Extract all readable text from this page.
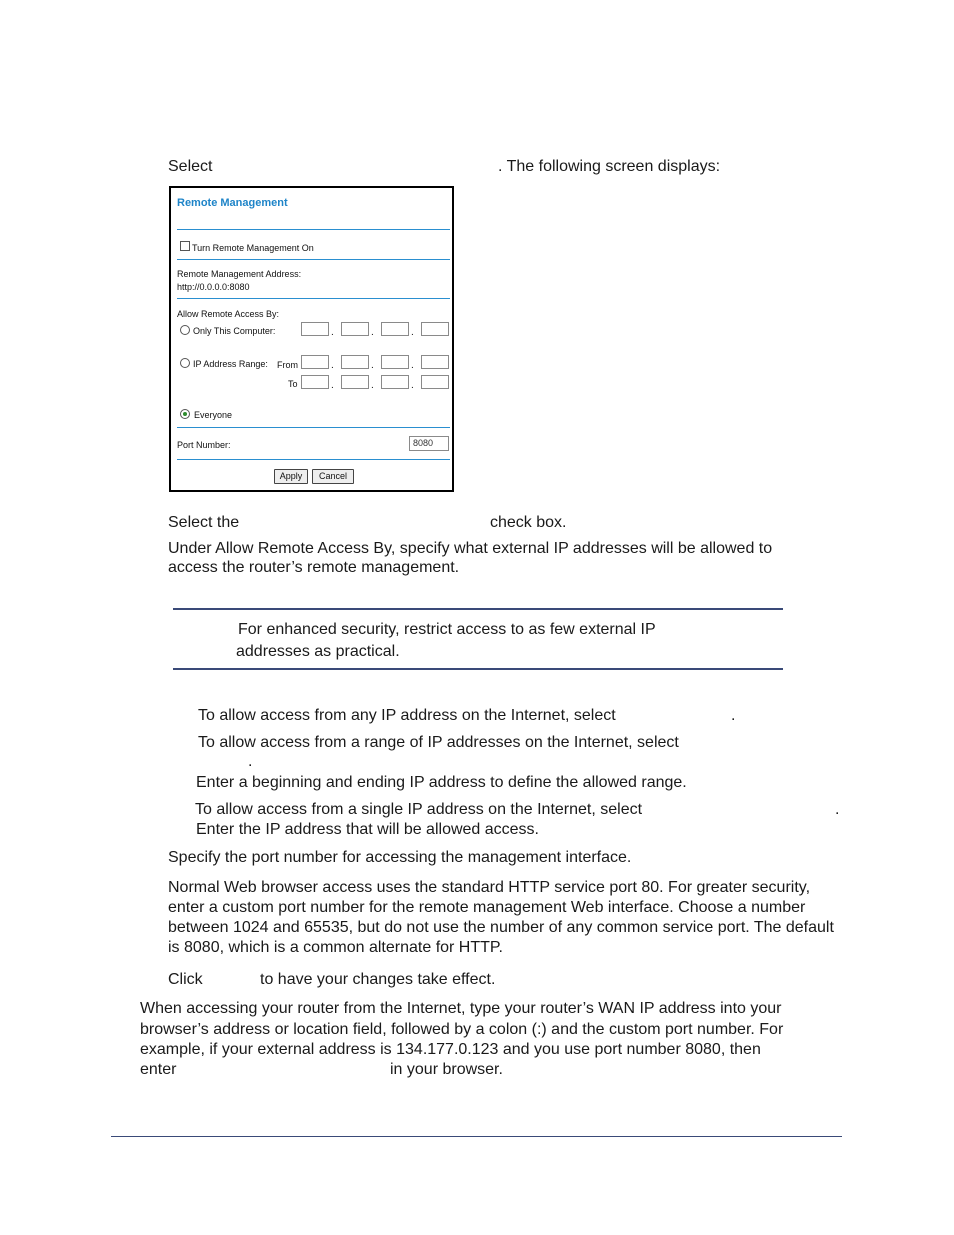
Select	. The following screen displays:
Remote Management
Turn Remote Management On
Remote Management Address:
http://0.0.0.0:8080
Allow Remote Access By:
Only This Computer:	.	.	.
IP Address Range: From	.	.	.
To	.	.	.
Everyone
Port Number:	8080
Apply	Cancel
Select the	check box.
Under Allow Remote Access By, specify what external IP addresses will be allowed to
access the router’s remote management.
For enhanced security, restrict access to as few external IP
addresses as practical.
To allow access from any IP address on the Internet, select	.
To allow access from a range of IP addresses on the Internet, select
.
Enter a beginning and ending IP address to define the allowed range.
To allow access from a single IP address on the Internet, select	.
Enter the IP address that will be allowed access.
Specify the port number for accessing the management interface.
Normal Web browser access uses the standard HTTP service port 80. For greater security, enter a custom port number for the remote management Web interface. Choose a number between 1024 and 65535, but do not use the number of any common service port. The default is 8080, which is a common alternate for HTTP.
Click	to have your changes take effect.
When accessing your router from the Internet, type your router’s WAN IP address into your
browser’s address or location field, followed by a colon (:) and the custom port number. For
example, if your external address is 134.177.0.123 and you use port number 8080, then
enter	in your browser.
